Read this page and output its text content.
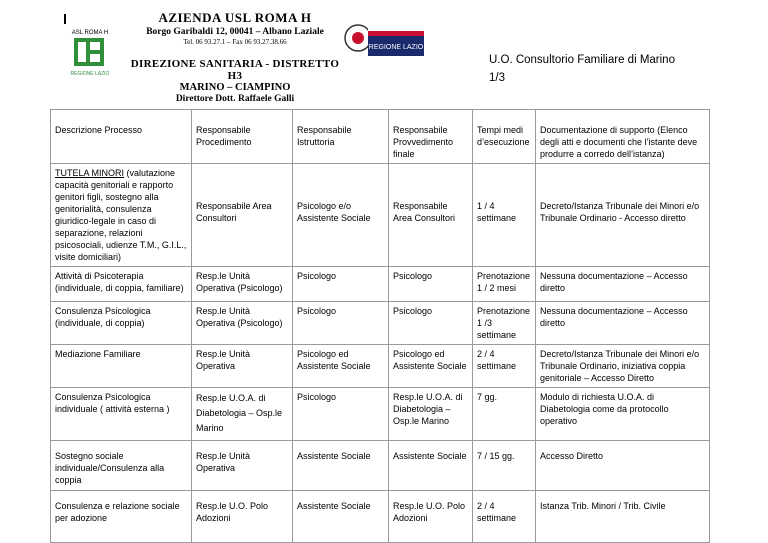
ASL ROMA H
REGIONE LAZIO
AZIENDA USL ROMA H
Borgo Garibaldi 12, 00041 – Albano Laziale
Tel. 06 93.27.1 – Fax 06 93.27.38.66
DIREZIONE SANITARIA - DISTRETTO H3
MARINO – CIAMPINO
Direttore Dott. Raffaele Galli
REGIONE LAZIO
U.O. Consultorio Familiare di Marino
1/3
Descrizione Processo	Responsabile Procedimento	Responsabile Istruttoria	Responsabile Provvedimento finale	Tempi medi d’esecuzione	Documentazione di supporto (Elenco degli atti e documenti che l’istante deve produrre a corredo dell’istanza)
TUTELA MINORI (valutazione capacità genitoriali e rapporto genitori figli, sostegno alla genitorialità, consulenza giuridico-legale in caso di separazione, relazioni psicosociali, udienze T.M., G.I.L., visite domiciliari)	Responsabile Area Consultori	Psicologo e/o Assistente Sociale	Responsabile Area Consultori	1 / 4 settimane	Decreto/Istanza Tribunale dei Minori e/o Tribunale Ordinario - Accesso diretto
Attività di Psicoterapia (individuale, di coppia, familiare)	Resp.le Unità Operativa (Psicologo)	Psicologo	Psicologo	Prenotazione 1 / 2 mesi	Nessuna documentazione – Accesso diretto
Consulenza Psicologica (individuale, di coppia)	Resp.le Unità Operativa (Psicologo)	Psicologo	Psicologo	Prenotazione 1 /3 settimane	Nessuna documentazione – Accesso diretto
Mediazione Familiare	Resp.le Unità Operativa	Psicologo ed Assistente Sociale	Psicologo ed Assistente Sociale	2 / 4 settimane	Decreto/Istanza Tribunale dei Minori e/o Tribunale Ordinario, iniziativa coppia genitoriale – Accesso Diretto
Consulenza Psicologica individuale ( attività esterna )	Resp.le U.O.A. di Diabetologia – Osp.le Marino	Psicologo	Resp.le U.O.A. di Diabetologia – Osp.le Marino	7 gg.	Modulo di richiesta U.O.A. di Diabetologia come da protocollo operativo
Sostegno sociale individuale/Consulenza alla coppia	Resp.le Unità Operativa	Assistente Sociale	Assistente Sociale	7 / 15 gg.	Accesso Diretto
Consulenza e relazione sociale per adozione	Resp.le U.O. Polo Adozioni	Assistente Sociale	Resp.le U.O. Polo Adozioni	2 / 4 settimane	Istanza Trib. Minori / Trib. Civile
